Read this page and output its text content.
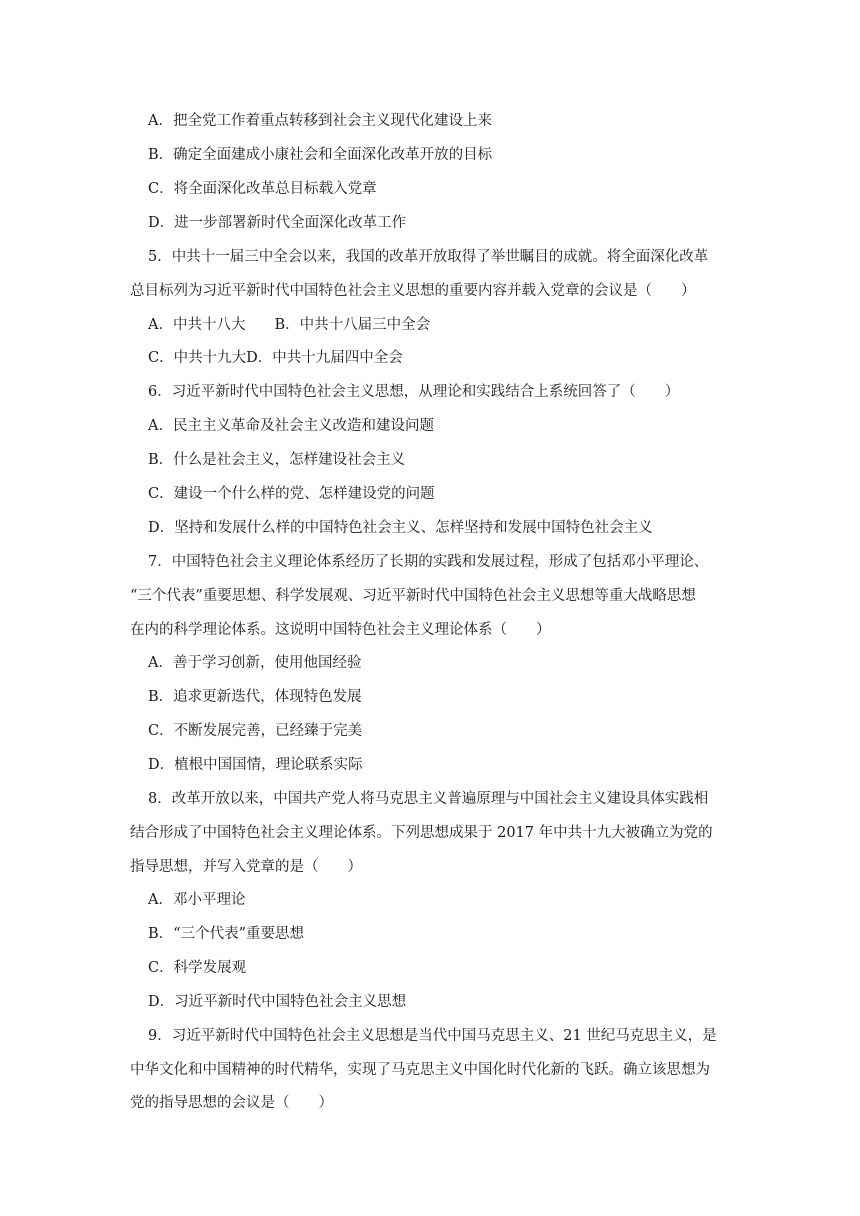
A．把全党工作着重点转移到社会主义现代化建设上来
B．确定全面建成小康社会和全面深化改革开放的目标
C．将全面深化改革总目标载入党章
D．进一步部署新时代全面深化改革工作
5．中共十一届三中全会以来，我国的改革开放取得了举世瞩目的成就。将全面深化改革
总目标列为习近平新时代中国特色社会主义思想的重要内容并载入党章的会议是（　　）
A．中共十八大　　B．中共十八届三中全会
C．中共十九大D．中共十九届四中全会
6．习近平新时代中国特色社会主义思想，从理论和实践结合上系统回答了（　　）
A．民主主义革命及社会主义改造和建设问题
B．什么是社会主义，怎样建设社会主义
C．建设一个什么样的党、怎样建设党的问题
D．坚持和发展什么样的中国特色社会主义、怎样坚持和发展中国特色社会主义
7．中国特色社会主义理论体系经历了长期的实践和发展过程，形成了包括邓小平理论、
“三个代表”重要思想、科学发展观、习近平新时代中国特色社会主义思想等重大战略思想
在内的科学理论体系。这说明中国特色社会主义理论体系（　　）
A．善于学习创新，使用他国经验
B．追求更新迭代，体现特色发展
C．不断发展完善，已经臻于完美
D．植根中国国情，理论联系实际
8．改革开放以来，中国共产党人将马克思主义普遍原理与中国社会主义建设具体实践相
结合形成了中国特色社会主义理论体系。下列思想成果于 2017 年中共十九大被确立为党的
指导思想，并写入党章的是（　　）
A．邓小平理论
B．“三个代表”重要思想
C．科学发展观
D．习近平新时代中国特色社会主义思想
9．习近平新时代中国特色社会主义思想是当代中国马克思主义、21 世纪马克思主义，是
中华文化和中国精神的时代精华，实现了马克思主义中国化时代化新的飞跃。确立该思想为
党的指导思想的会议是（　　）
